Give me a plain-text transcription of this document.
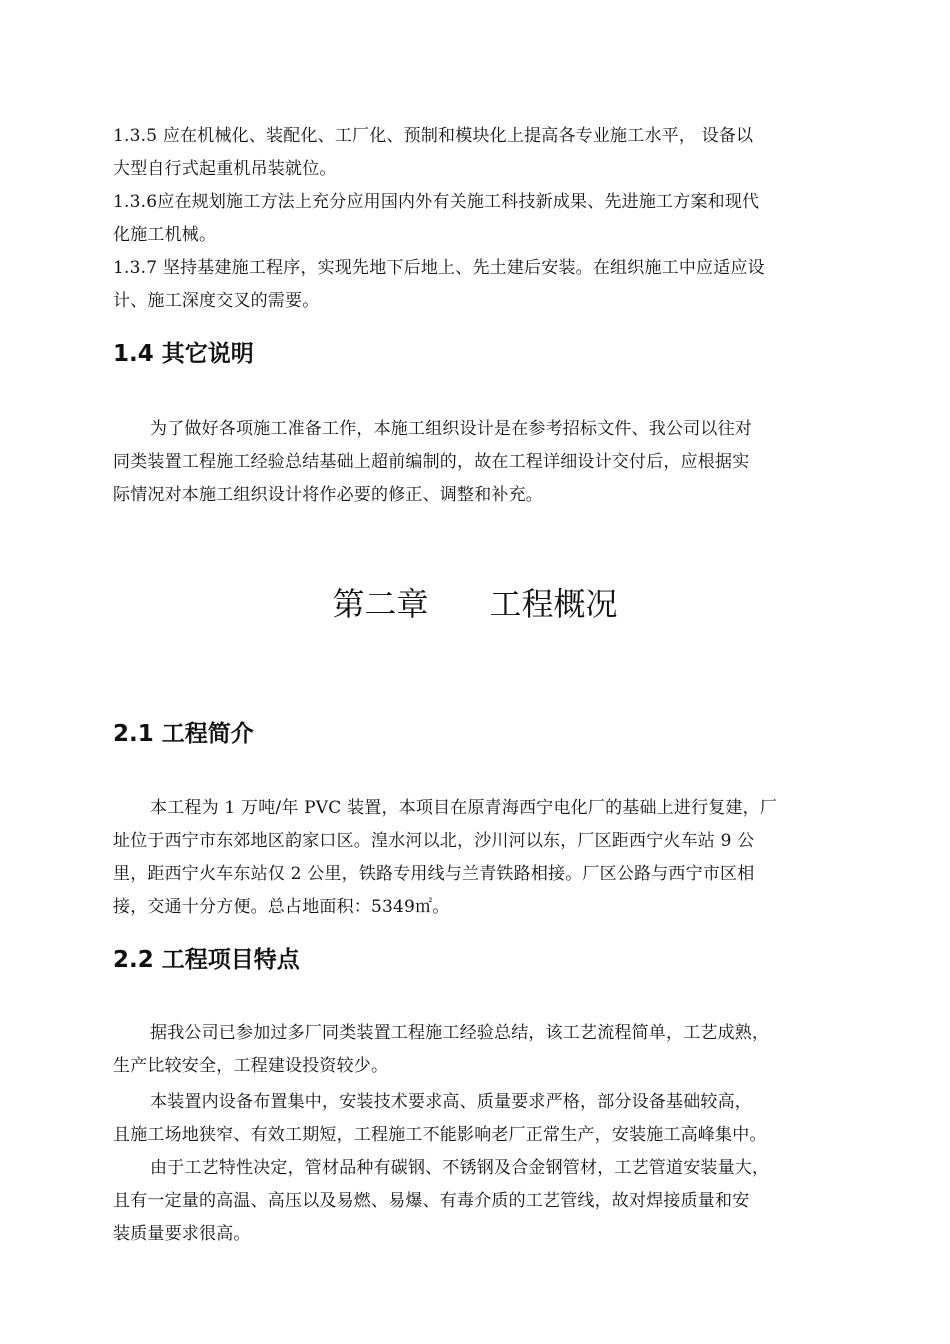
1.3.5 应在机械化、装配化、工厂化、预制和模块化上提高各专业施工水平， 设备以
大型自行式起重机吊装就位。
1.3.6应在规划施工方法上充分应用国内外有关施工科技新成果、先进施工方案和现代
化施工机械。
1.3.7 坚持基建施工程序，实现先地下后地上、先土建后安装。在组织施工中应适应设
计、施工深度交叉的需要。
1.4 其它说明
为了做好各项施工准备工作，本施工组织设计是在参考招标文件、我公司以往对
同类装置工程施工经验总结基础上超前编制的，故在工程详细设计交付后，应根据实
际情况对本施工组织设计将作必要的修正、调整和补充。
第二章      工程概况
2.1 工程简介
本工程为 1 万吨/年 PVC 装置，本项目在原青海西宁电化厂的基础上进行复建，厂
址位于西宁市东郊地区韵家口区。湟水河以北，沙川河以东，厂区距西宁火车站 9 公
里，距西宁火车东站仅 2 公里，铁路专用线与兰青铁路相接。厂区公路与西宁市区相
接，交通十分方便。总占地面积：5349㎡。
2.2 工程项目特点
据我公司已参加过多厂同类装置工程施工经验总结，该工艺流程简单，工艺成熟，
生产比较安全，工程建设投资较少。
本装置内设备布置集中，安装技术要求高、质量要求严格，部分设备基础较高，
且施工场地狭窄、有效工期短，工程施工不能影响老厂正常生产，安装施工高峰集中。
由于工艺特性决定，管材品种有碳钢、不锈钢及合金钢管材，工艺管道安装量大，
且有一定量的高温、高压以及易燃、易爆、有毒介质的工艺管线，故对焊接质量和安
装质量要求很高。
